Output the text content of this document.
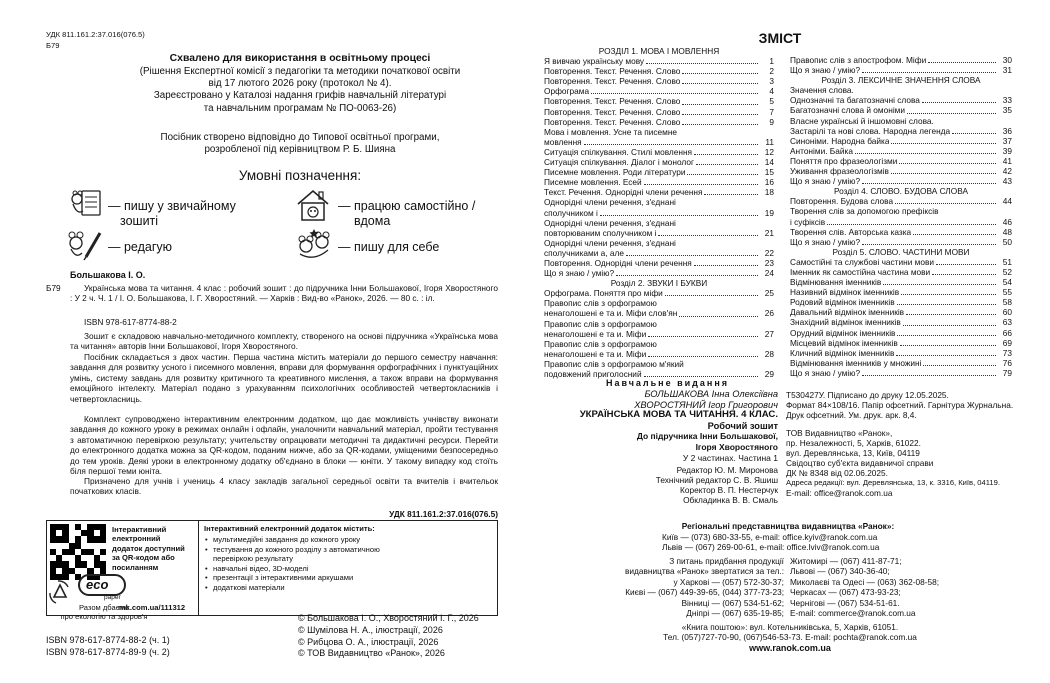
УДК 811.161.2:37.016(076.5)
Б79
Схвалено для використання в освітньому процесі
(Рішення Експертної комісії з педагогіки та методики початкової освіти
від 17 лютого 2026 року (протокол № 4).
Зареєстровано у Каталозі надання грифів навчальній літературі
та навчальним програмам № ПО-0063-26)
Посібник створено відповідно до Типової освітньої програми,
розробленої під керівництвом Р. Б. Шияна
Умовні позначення:
— пишу у звичайному
зошиті
— працюю самостійно /
вдома
— редагую	— пишу для себе
Большакова І. О.
Б79	Українська мова та читання. 4 клас : робочий зошит : до підручника Інни Большакової, Ігоря Хворостяного : У 2 ч. Ч. 1 / І. О. Большакова, І. Г. Хворостяний. — Харків : Вид-во «Ранок», 2026. — 80 с. : іл.
ISBN 978-617-8774-88-2
Зошит є складовою навчально-методичного комплекту, створеного на основі підручника «Українська мова та читання» авторів Інни Большакової, Ігоря Хворостяного.
Посібник складається з двох частин. Перша частина містить матеріали до першого семестру навчання: завдання для розвитку усного і писемного мовлення, вправи для формування орфографічних і пунктуаційних умінь, систему завдань для розвитку критичного та креативного мислення, а також вправи на формування емоційного інтелекту. Матеріал подано з урахуванням психологічних особливостей четвертокласників і четвертокласниць.
Комплект супроводжено інтерактивним електронним додатком, що дає можливість учнівству виконати завдання до кожного уроку в режимах онлайн і офлайн, уналочнити навчальний матеріал, пройти тестування з автоматичною перевіркою результату; учительству опрацювати методичні та дидактичні ресурси. Перейти до електронного додатка можна за QR-кодом, поданим нижче, або за QR-кодами, уміщеними безпосередньо до тем уроків. Деякі уроки в електронному додатку об'єднано в блоки — юніти. У такому випадку код стоїть біля першої теми юніта.
Призначено для учнів і учениць 4 класу закладів загальної середньої освіти та вчителів і вчительок початкових класів.
УДК 811.161.2:37.016(076.5)
Інтерактивний
електронний
додаток доступний
за QR-кодом або
посиланням
rnk.com.ua/111312
Інтерактивний електронний додаток містить:
• мультимедійні завдання до кожного уроку
• тестування до кожного розділу з автоматичною перевіркою результату
• навчальні відео, 3D-моделі
• презентації з інтерактивними аркушами
• додаткові матеріали
eco
paper
Разом дбаємо
про екологію та здоров'я
ISBN 978-617-8774-88-2 (ч. 1)
ISBN 978-617-8774-89-9 (ч. 2)
© Большакова І. О., Хворостяний І. Г., 2026
© Шумілова Н. А., ілюстрації, 2026
© Рибцова О. А., ілюстрації, 2026
© ТОВ Видавництво «Ранок», 2026
ЗМІСТ
РОЗДІЛ 1. МОВА І МОВЛЕННЯ
Я вивчаю українську мову	1
Повторення. Текст. Речення. Слово	2
Повторення. Текст. Речення. Слово	3
Орфограма	4
Повторення. Текст. Речення. Слово	5
Повторення. Текст. Речення. Слово	7
Повторення. Текст. Речення. Слово	9
Мова і мовлення. Усне та писемне
мовлення	11
Ситуація спілкування. Стилі мовлення	12
Ситуація спілкування. Діалог і монолог	14
Писемне мовлення. Роди літератури	15
Писемне мовлення. Есей	16
Текст. Речення. Однорідні члени речення	18
Однорідні члени речення, з'єднані
сполучником і	19
Однорідні члени речення, з'єднані
повторюваним сполучником і	21
Однорідні члени речення, з'єднані
сполучниками а, але	22
Повторення. Однорідні члени речення	23
Що я знаю / умію?	24
Розділ 2. ЗВУКИ І БУКВИ
Орфограма. Поняття про міфи	25
Правопис слів з орфограмою
ненаголошені е та и. Міфи слов'ян	26
Правопис слів з орфограмою
ненаголошені е та и. Міфи	27
Правопис слів з орфограмою
ненаголошені е та и. Міфи	28
Правопис слів з орфограмою м'який
подовжений приголосний	29
Правопис слів з апострофом. Міфи	30
Що я знаю / умію?	31
Розділ 3. ЛЕКСИЧНЕ ЗНАЧЕННЯ СЛОВА
Значення слова.
Однозначні та багатозначні слова	33
Багатозначні слова й омоніми	35
Власне українські й іншомовні слова.
Застарілі та нові слова. Народна легенда	36
Синоніми. Народна байка	37
Антоніми. Байка	39
Поняття про фразеологізми	41
Уживання фразеологізмів	42
Що я знаю / умію?	43
Розділ 4. СЛОВО. БУДОВА СЛОВА
Повторення. Будова слова	44
Творення слів за допомогою префіксів
і суфіксів	46
Творення слів. Авторська казка	48
Що я знаю / умію?	50
Розділ 5. СЛОВО. ЧАСТИНИ МОВИ
Самостійні та службові частини мови	51
Іменник як самостійна частина мови	52
Відмінювання іменників	54
Називний відмінок іменників	55
Родовий відмінок іменників	58
Давальний відмінок іменників	60
Знахідний відмінок іменників	63
Орудний відмінок іменників	66
Місцевий відмінок іменників	69
Кличний відмінок іменників	73
Відмінювання іменників у множині	76
Що я знаю / умію?	79
Навчальне видання
БОЛЬШАКОВА Інна Олексіївна
ХВОРОСТЯНИЙ Ігор Григорович
УКРАЇНСЬКА МОВА ТА ЧИТАННЯ. 4 КЛАС.
Робочий зошит
До підручника Інни Большакової,
Ігоря Хворостяного
У 2 частинах. Частина 1
Редактор Ю. М. Миронова
Технічний редактор С. В. Яшиш
Коректор В. П. Нестерчук
Обкладинка В. В. Смаль
Т530427У. Підписано до друку 12.05.2025.
Формат 84×108/16. Папір офсетний. Гарнітура Журнальна.
Друк офсетний. Ум. друк. арк. 8,4.
ТОВ Видавництво «Ранок»,
пр. Незалежності, 5, Харків, 61022.
вул. Деревлянська, 13, Київ, 04119
Свідоцтво суб'єкта видавничої справи
ДК № 8348 від 02.06.2025.
Адреса редакції: вул. Деревлянська, 13, к. 3316, Київ, 04119.
E-mail: office@ranok.com.ua
Регіональні представництва видавництва «Ранок»:
Київ — (073) 680-33-55, e-mail: office.kyiv@ranok.com.ua
Львів — (067) 269-00-61, e-mail: office.lviv@ranok.com.ua
З питань придбання продукції
видавництва «Ранок» звертатися за тел.:
у Харкові — (057) 572-30-37;
Києві — (067) 449-39-65, (044) 377-73-23;
Вінниці — (067) 534-51-62;
Дніпрі — (067) 635-19-85;
Житомирі — (067) 411-87-71;
Львові — (067) 340-36-40;
Миколаєві та Одесі — (063) 362-08-58;
Черкасах — (067) 473-93-23;
Чернігові — (067) 534-51-61.
E-mail: commerce@ranok.com.ua
«Книга поштою»: вул. Котельниківська, 5, Харків, 61051.
Тел. (057)727-70-90, (067)546-53-73. E-mail: pochta@ranok.com.ua
www.ranok.com.ua
